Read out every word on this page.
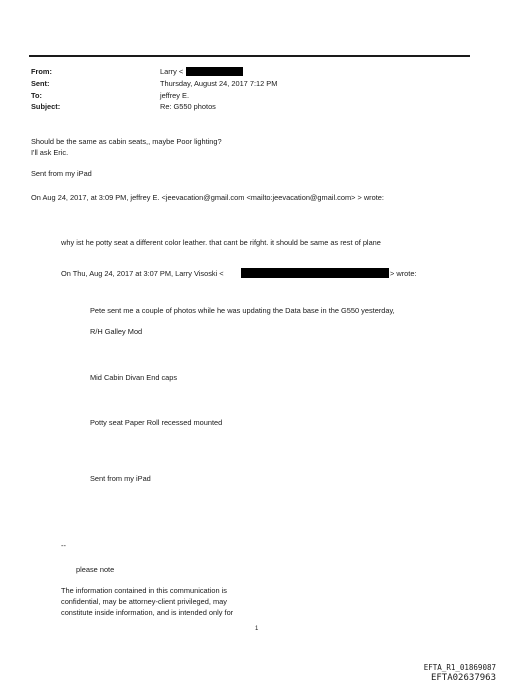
From:
Sent:
To:
Subject:
Larry <
Thursday, August 24, 2017 7:12 PM
jeffrey E.
Re: G550 photos
Should be the same as cabin seats,, maybe Poor lighting?
I'll ask Eric.
Sent from my iPad
On Aug 24, 2017, at 3:09 PM, jeffrey E. <jeevacation@gmail.com <mailto:jeevacation@gmail.com> > wrote:
why ist he potty seat a different color leather. that cant be rifght. it should be same as rest of plane
On Thu, Aug 24, 2017 at 3:07 PM, Larry Visoski <	> wrote:
Pete sent me a couple of photos while he was updating the Data base in the G550 yesterday,
R/H Galley Mod
Mid Cabin Divan End caps
Potty seat Paper Roll recessed mounted
Sent from my iPad
--
please note
The information contained in this communication is
confidential, may be attorney-client privileged, may
constitute inside information, and is intended only for
1
EFTA_R1_01869087
EFTA02637963
